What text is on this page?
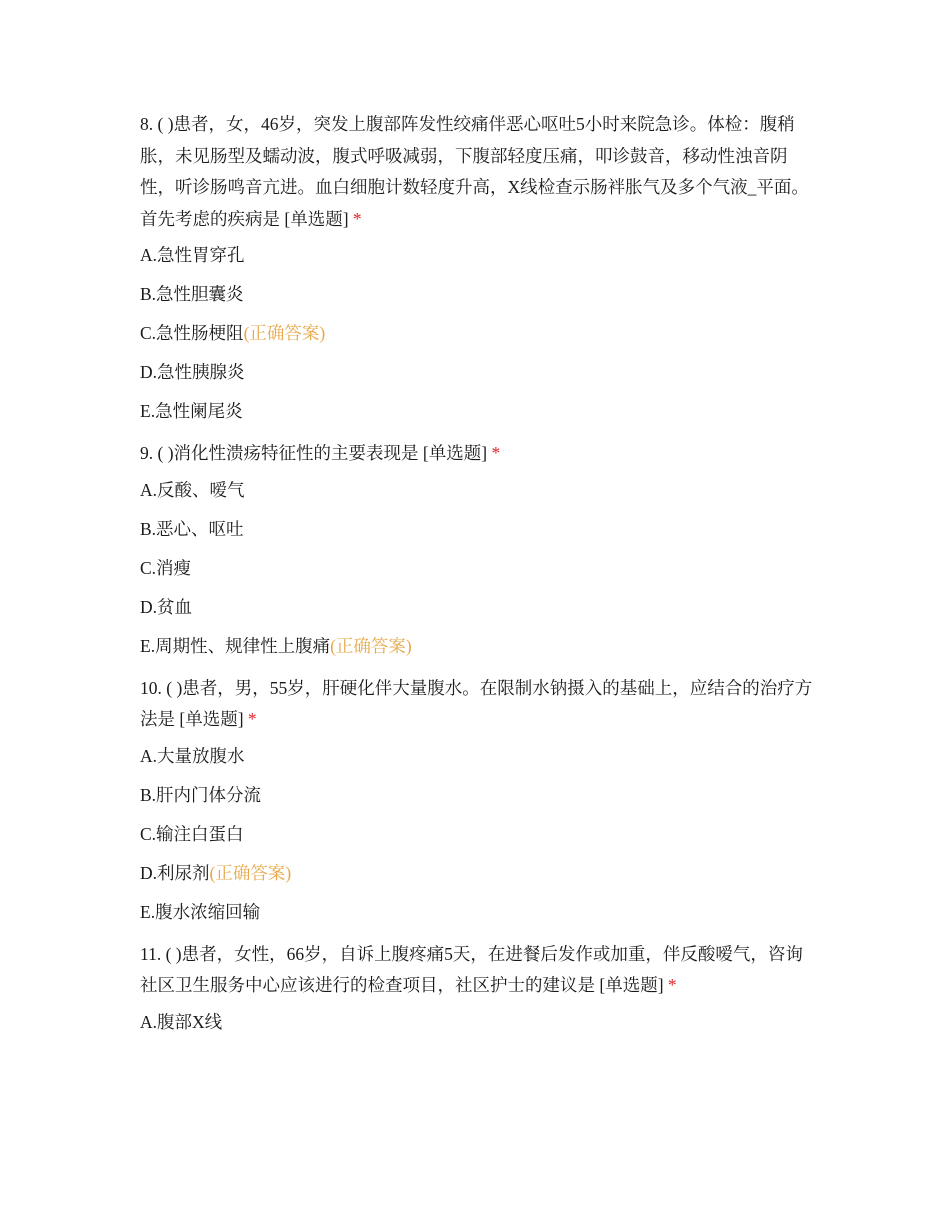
8. ( )患者，女，46岁，突发上腹部阵发性绞痛伴恶心呕吐5小时来院急诊。体检：腹稍胀，未见肠型及蠕动波，腹式呼吸减弱，下腹部轻度压痛，叩诊鼓音，移动性浊音阴性，听诊肠鸣音亢进。血白细胞计数轻度升高，X线检查示肠袢胀气及多个气液_平面。首先考虑的疾病是 [单选题] *

A.急性胃穿孔
B.急性胆囊炎
C.急性肠梗阻(正确答案)
D.急性胰腺炎
E.急性阑尾炎

9. ( )消化性溃疡特征性的主要表现是 [单选题] *

A.反酸、嗳气
B.恶心、呕吐
C.消瘦
D.贫血
E.周期性、规律性上腹痛(正确答案)

10. ( )患者，男，55岁，肝硬化伴大量腹水。在限制水钠摄入的基础上，应结合的治疗方法是 [单选题] *

A.大量放腹水
B.肝内门体分流
C.输注白蛋白
D.利尿剂(正确答案)
E.腹水浓缩回输

11. ( )患者，女性，66岁，自诉上腹疼痛5天，在进餐后发作或加重，伴反酸嗳气，咨询社区卫生服务中心应该进行的检查项目，社区护士的建议是 [单选题] *

A.腹部X线
